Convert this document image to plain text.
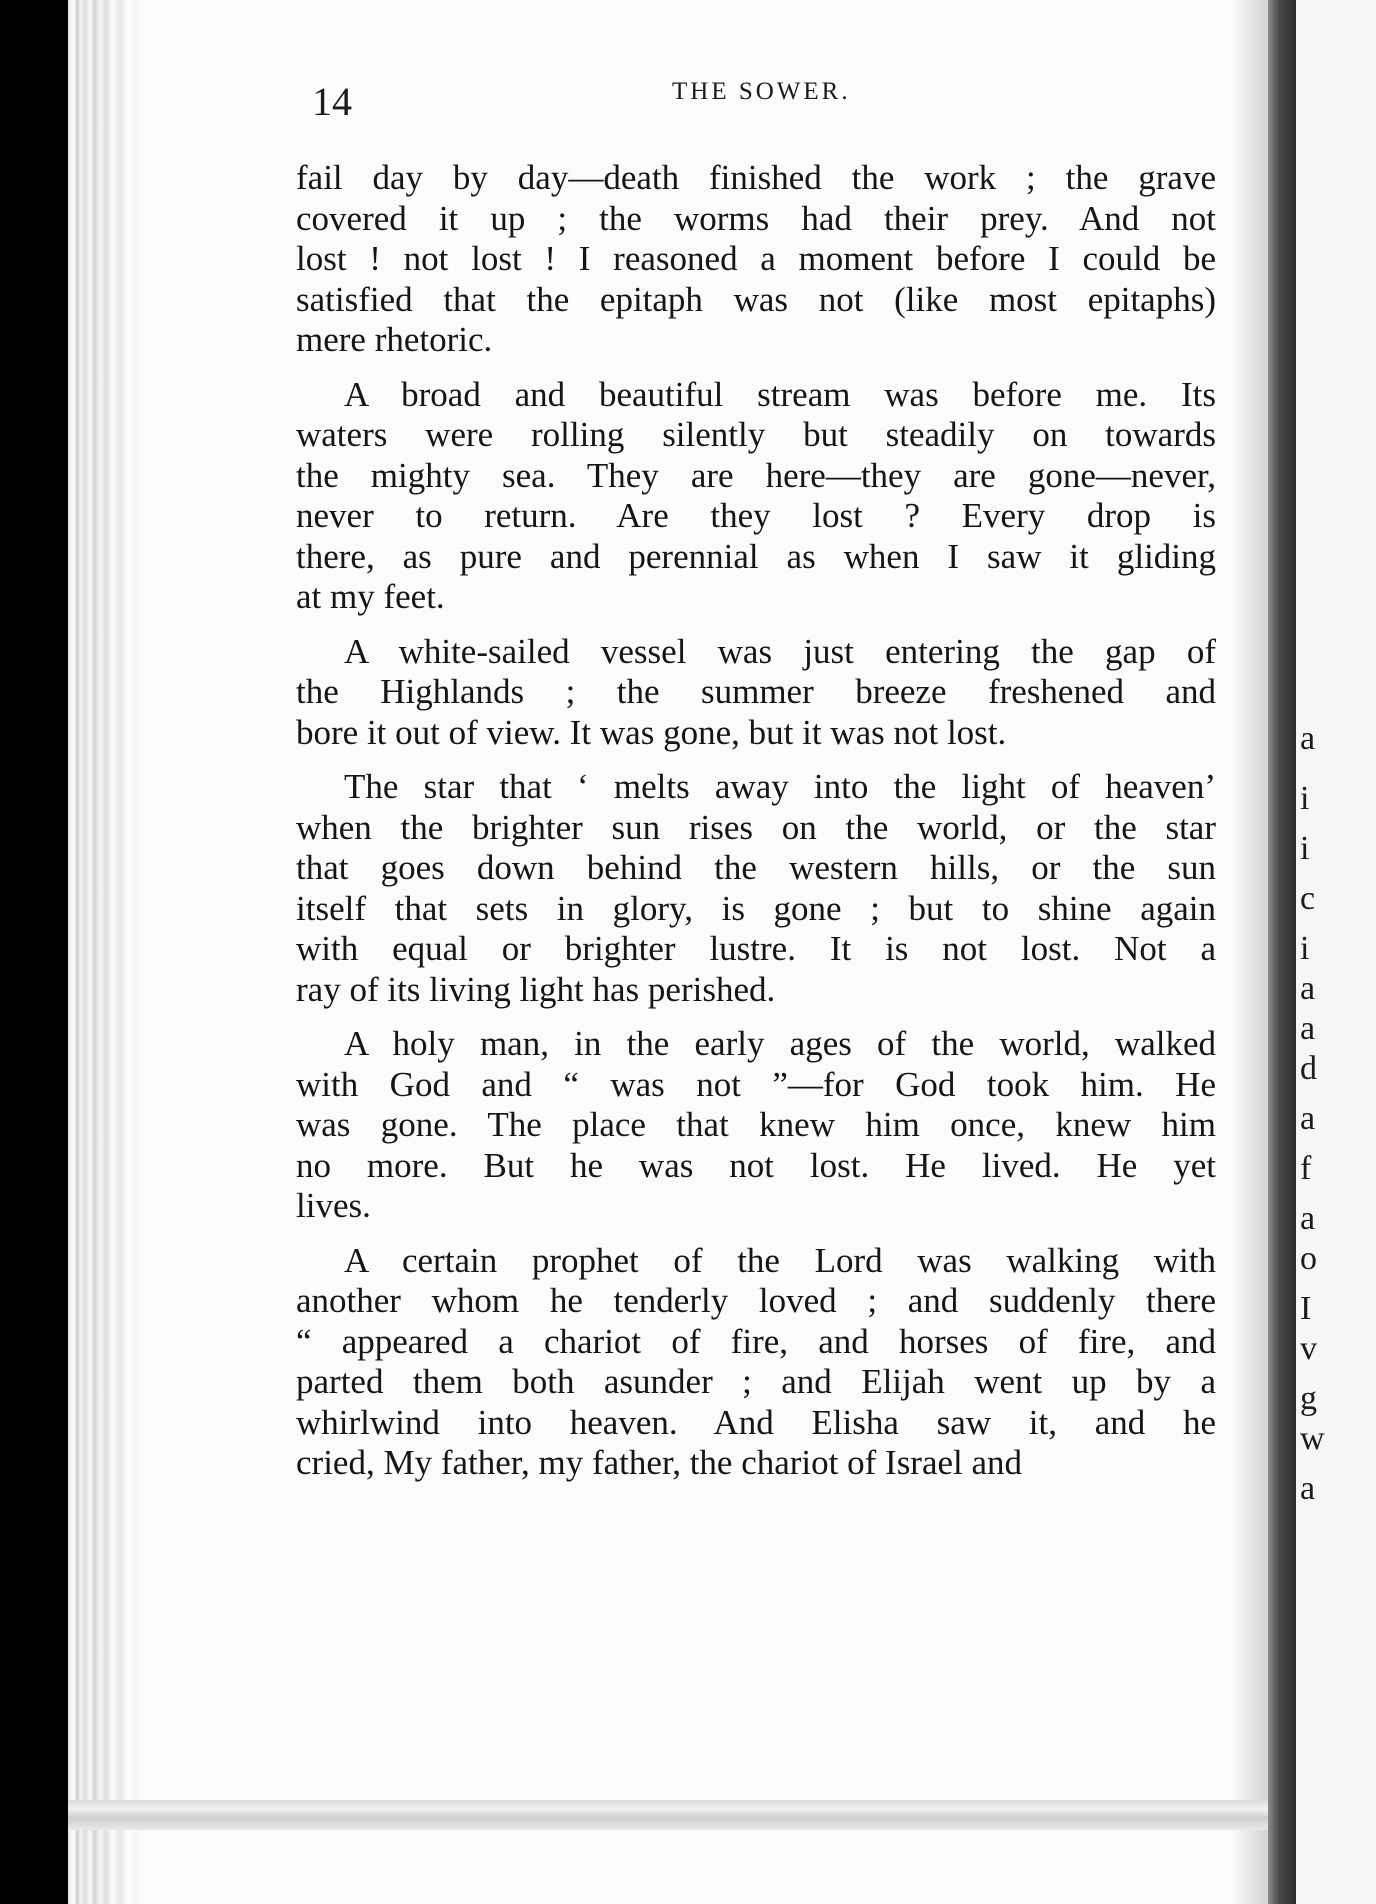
a
i
i
c
i
a
a
d
a
f
a
o
I
v
g
w
a
14	THE SOWER.
fail day by day—death finished the work ; the grave
covered it up ; the worms had their prey. And not
lost ! not lost ! I reasoned a moment before I could be
satisfied that the epitaph was not (like most epitaphs)
mere rhetoric.
A broad and beautiful stream was before me. Its
waters were rolling silently but steadily on towards
the mighty sea. They are here—they are gone—never,
never to return. Are they lost ? Every drop is
there, as pure and perennial as when I saw it gliding
at my feet.
A white-sailed vessel was just entering the gap of
the Highlands ; the summer breeze freshened and
bore it out of view. It was gone, but it was not lost.
The star that ‘ melts away into the light of heaven’
when the brighter sun rises on the world, or the star
that goes down behind the western hills, or the sun
itself that sets in glory, is gone ; but to shine again
with equal or brighter lustre. It is not lost. Not a
ray of its living light has perished.
A holy man, in the early ages of the world, walked
with God and “ was not ”—for God took him. He
was gone. The place that knew him once, knew him
no more. But he was not lost. He lived. He yet
lives.
A certain prophet of the Lord was walking with
another whom he tenderly loved ; and suddenly there
“ appeared a chariot of fire, and horses of fire, and
parted them both asunder ; and Elijah went up by a
whirlwind into heaven. And Elisha saw it, and he
cried, My father, my father, the chariot of Israel and
